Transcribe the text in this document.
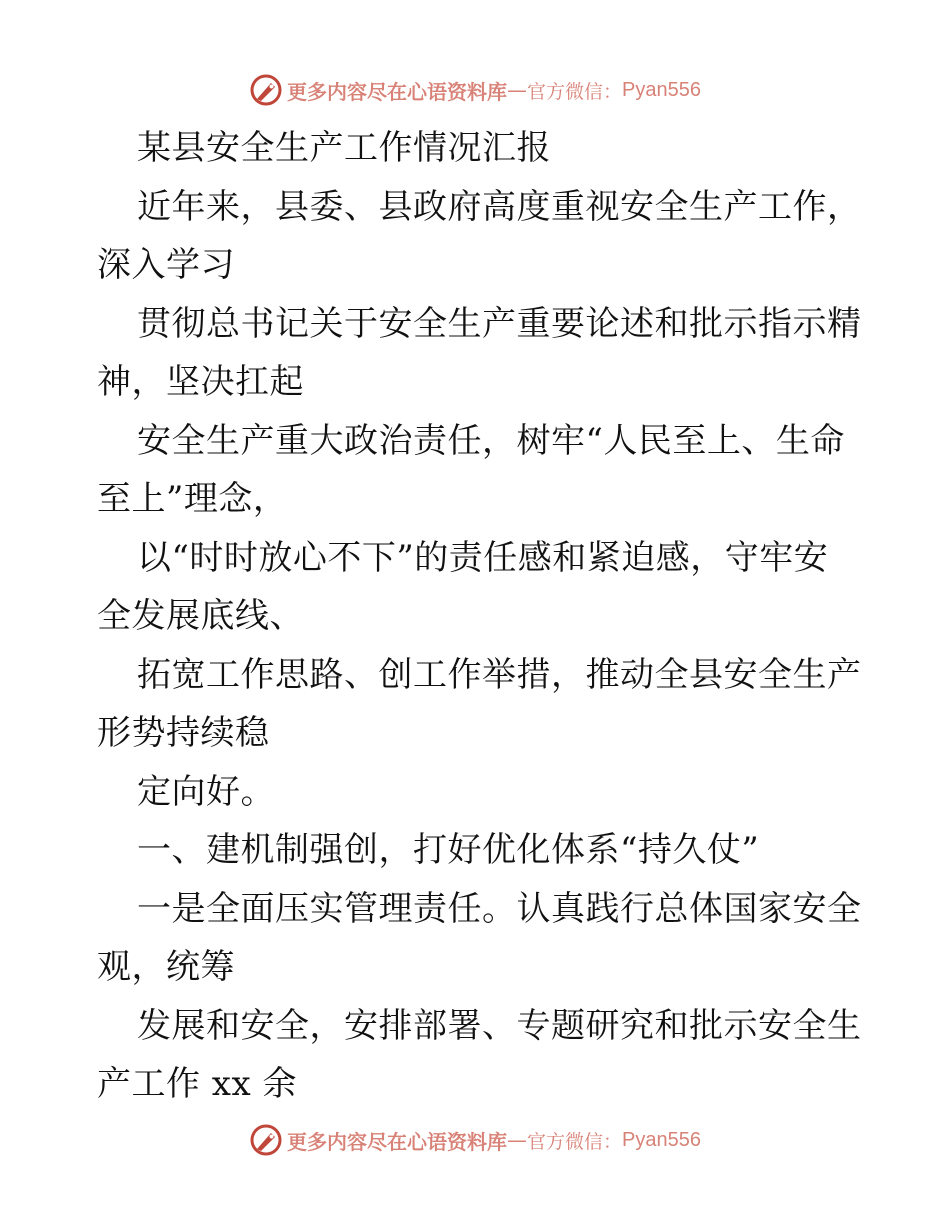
更多内容尽在心语资料库 — 官方微信： Pyan556
某县安全生产工作情况汇报
近年来，县委、县政府高度重视安全生产工作，
深入学习
贯彻总书记关于安全生产重要论述和批示指示精
神，坚决扛起
安全生产重大政治责任，树牢“人民至上、生命
至上”理念，
以“时时放心不下”的责任感和紧迫感，守牢安
全发展底线、
拓宽工作思路、创工作举措，推动全县安全生产
形势持续稳
定向好。
一、建机制强创，打好优化体系“持久仗”
一是全面压实管理责任。认真践行总体国家安全
观，统筹
发展和安全，安排部署、专题研究和批示安全生
产工作 xx 余
更多内容尽在心语资料库 — 官方微信： Pyan556
